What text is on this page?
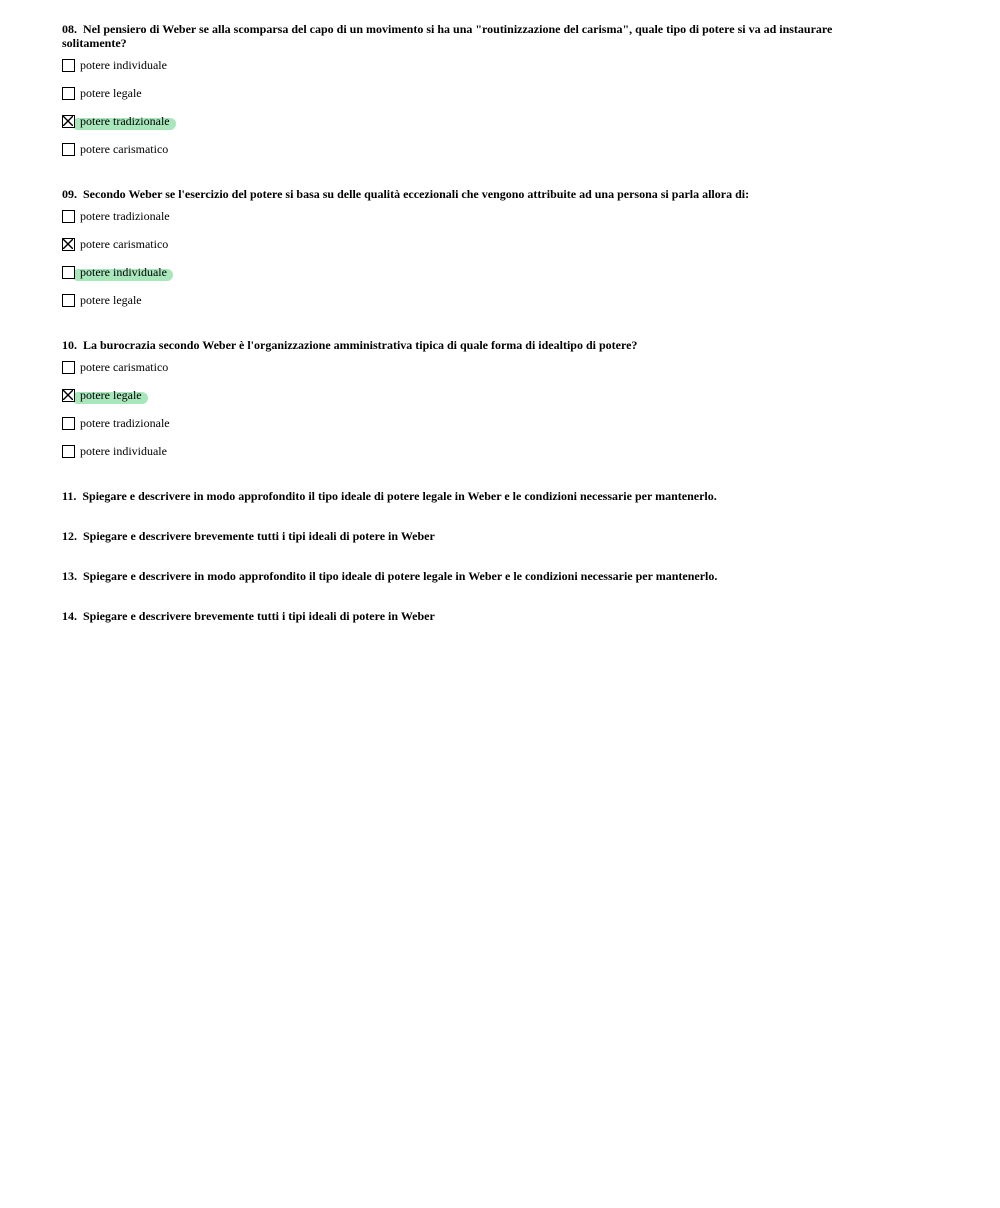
08. Nel pensiero di Weber se alla scomparsa del capo di un movimento si ha una "routinizzazione del carisma", quale tipo di potere si va ad instaurare solitamente?
potere individuale
potere legale
potere tradizionale
potere carismatico
09. Secondo Weber se l'esercizio del potere si basa su delle qualità eccezionali che vengono attribuite ad una persona si parla allora di:
potere tradizionale
potere carismatico
potere individuale
potere legale
10. La burocrazia secondo Weber è l'organizzazione amministrativa tipica di quale forma di idealtipo di potere?
potere carismatico
potere legale
potere tradizionale
potere individuale
11. Spiegare e descrivere in modo approfondito il tipo ideale di potere legale in Weber e le condizioni necessarie per mantenerlo.
12. Spiegare e descrivere brevemente tutti i tipi ideali di potere in Weber
13. Spiegare e descrivere in modo approfondito il tipo ideale di potere legale in Weber e le condizioni necessarie per mantenerlo.
14. Spiegare e descrivere brevemente tutti i tipi ideali di potere in Weber
